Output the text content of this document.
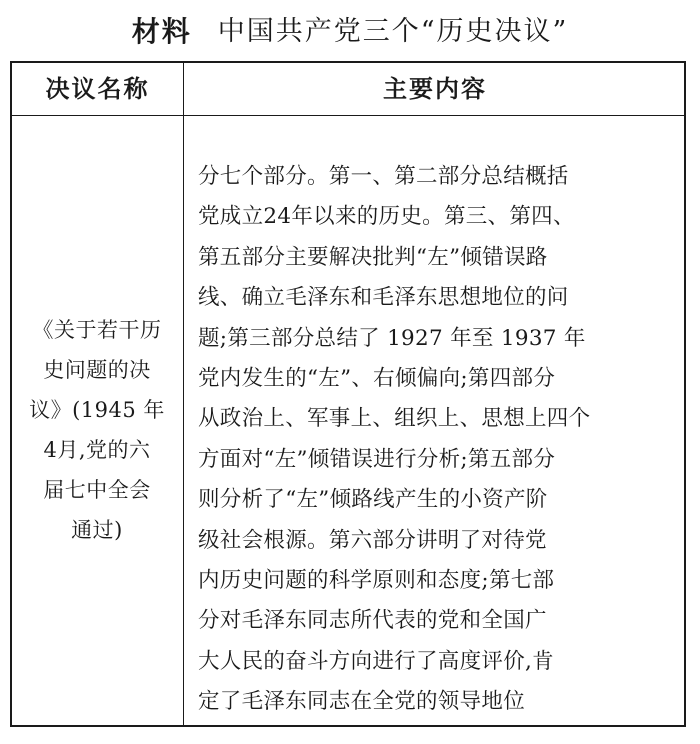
材料 中国共产党三个“历史决议”
决议名称	主要内容
《关于若干历
史问题的决
议》(1945 年
4月,党的六
届七中全会
通过)
分七个部分。第一、第二部分总结概括
党成立24年以来的历史。第三、第四、
第五部分主要解决批判“左”倾错误路
线、确立毛泽东和毛泽东思想地位的问
题;第三部分总结了 1927 年至 1937 年
党内发生的“左”、右倾偏向;第四部分
从政治上、军事上、组织上、思想上四个
方面对“左”倾错误进行分析;第五部分
则分析了“左”倾路线产生的小资产阶
级社会根源。第六部分讲明了对待党
内历史问题的科学原则和态度;第七部
分对毛泽东同志所代表的党和全国广
大人民的奋斗方向进行了高度评价,肯
定了毛泽东同志在全党的领导地位
